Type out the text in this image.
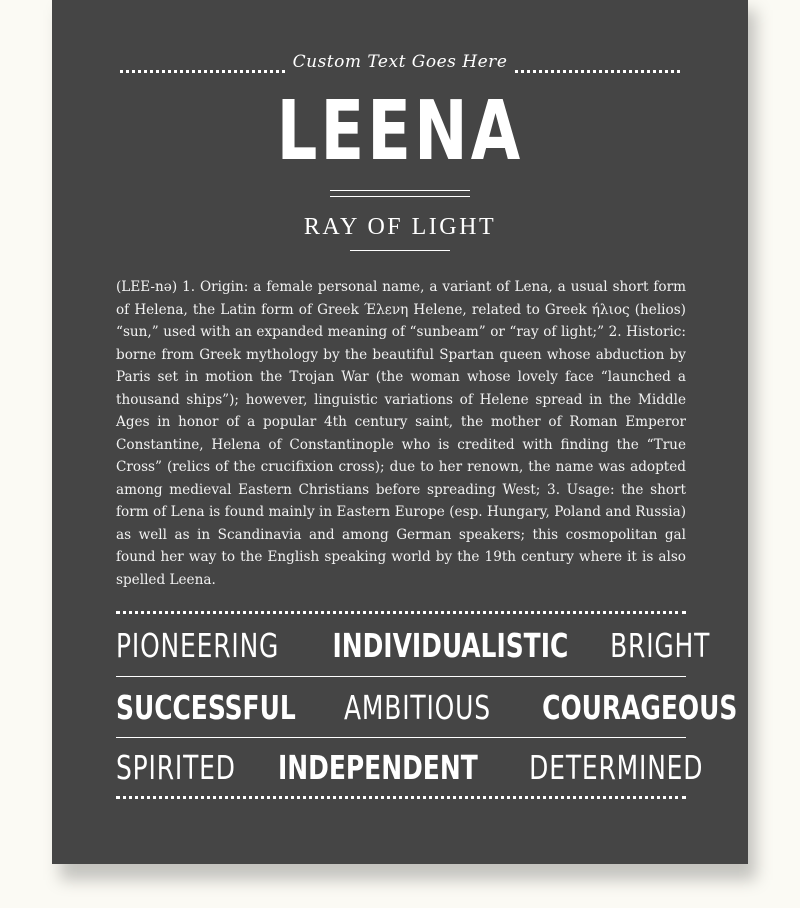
Custom Text Goes Here
LEENA
RAY OF LIGHT
(LEE-nə) 1. Origin: a female personal name, a variant of Lena, a usual short form of Helena, the Latin form of Greek Έλενη Helene, related to Greek ήλιος (helios) “sun,” used with an expanded meaning of “sunbeam” or “ray of light;” 2. Historic: borne from Greek mythology by the beautiful Spartan queen whose abduction by Paris set in motion the Trojan War (the woman whose lovely face “launched a thousand ships”); however, linguistic variations of Helene spread in the Middle Ages in honor of a popular 4th century saint, the mother of Roman Emperor Constantine, Helena of Constantinople who is credited with finding the “True Cross” (relics of the crucifixion cross); due to her renown, the name was adopted among medieval Eastern Christians before spreading West; 3. Usage: the short form of Lena is found mainly in Eastern Europe (esp. Hungary, Poland and Russia) as well as in Scandinavia and among German speakers; this cosmopolitan gal found her way to the English speaking world by the 19th century where it is also spelled Leena.
PIONEERING INDIVIDUALISTIC BRIGHT
SUCCESSFUL AMBITIOUS COURAGEOUS
SPIRITED INDEPENDENT DETERMINED
